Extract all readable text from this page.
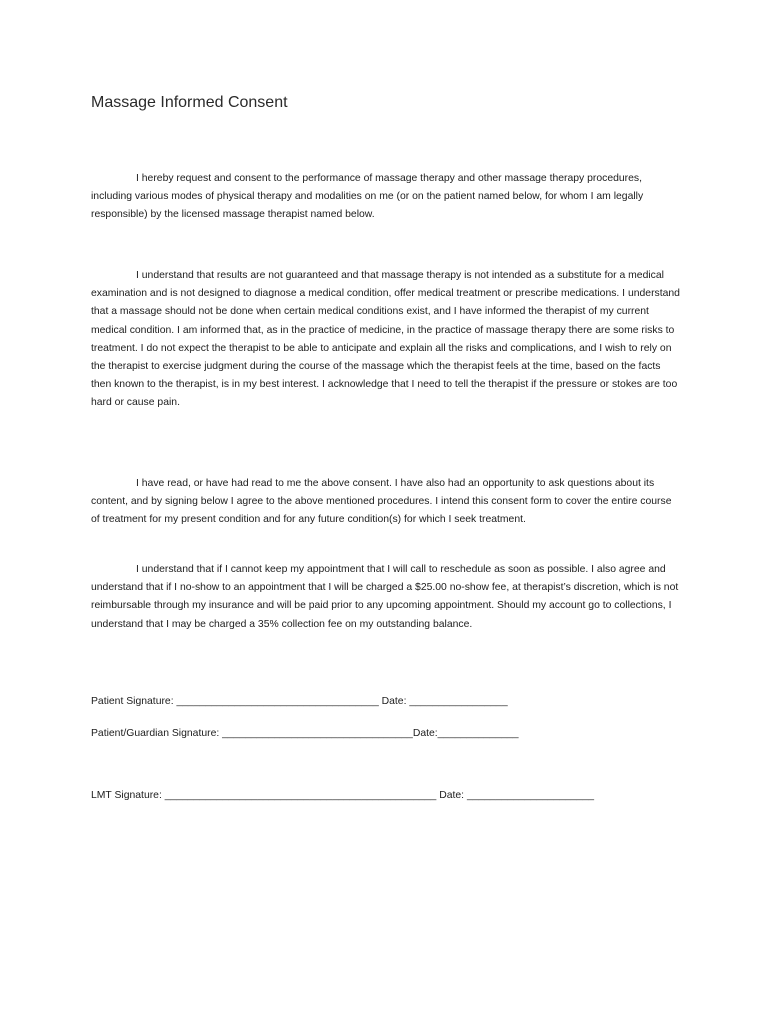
Massage Informed Consent

I hereby request and consent to the performance of massage therapy and other massage therapy procedures, including various modes of physical therapy and modalities on me (or on the patient named below, for whom I am legally responsible) by the licensed massage therapist named below.

I understand that results are not guaranteed and that massage therapy is not intended as a substitute for a medical examination and is not designed to diagnose a medical condition, offer medical treatment or prescribe medications. I understand that a massage should not be done when certain medical conditions exist, and I have informed the therapist of my current medical condition. I am informed that, as in the practice of medicine, in the practice of massage therapy there are some risks to treatment. I do not expect the therapist to be able to anticipate and explain all the risks and complications, and I wish to rely on the therapist to exercise judgment during the course of the massage which the therapist feels at the time, based on the facts then known to the therapist, is in my best interest. I acknowledge that I need to tell the therapist if the pressure or stokes are too hard or cause pain.

I have read, or have had read to me the above consent. I have also had an opportunity to ask questions about its content, and by signing below I agree to the above mentioned procedures. I intend this consent form to cover the entire course of treatment for my present condition and for any future condition(s) for which I seek treatment.

I understand that if I cannot keep my appointment that I will call to reschedule as soon as possible. I also agree and understand that if I no-show to an appointment that I will be charged a $25.00 no-show fee, at therapist’s discretion, which is not reimbursable through my insurance and will be paid prior to any upcoming appointment. Should my account go to collections, I understand that I may be charged a 35% collection fee on my outstanding balance.

Patient Signature: ___________________________________ Date: _________________

Patient/Guardian Signature: _________________________________Date:______________

LMT Signature: _______________________________________________ Date: ______________________
